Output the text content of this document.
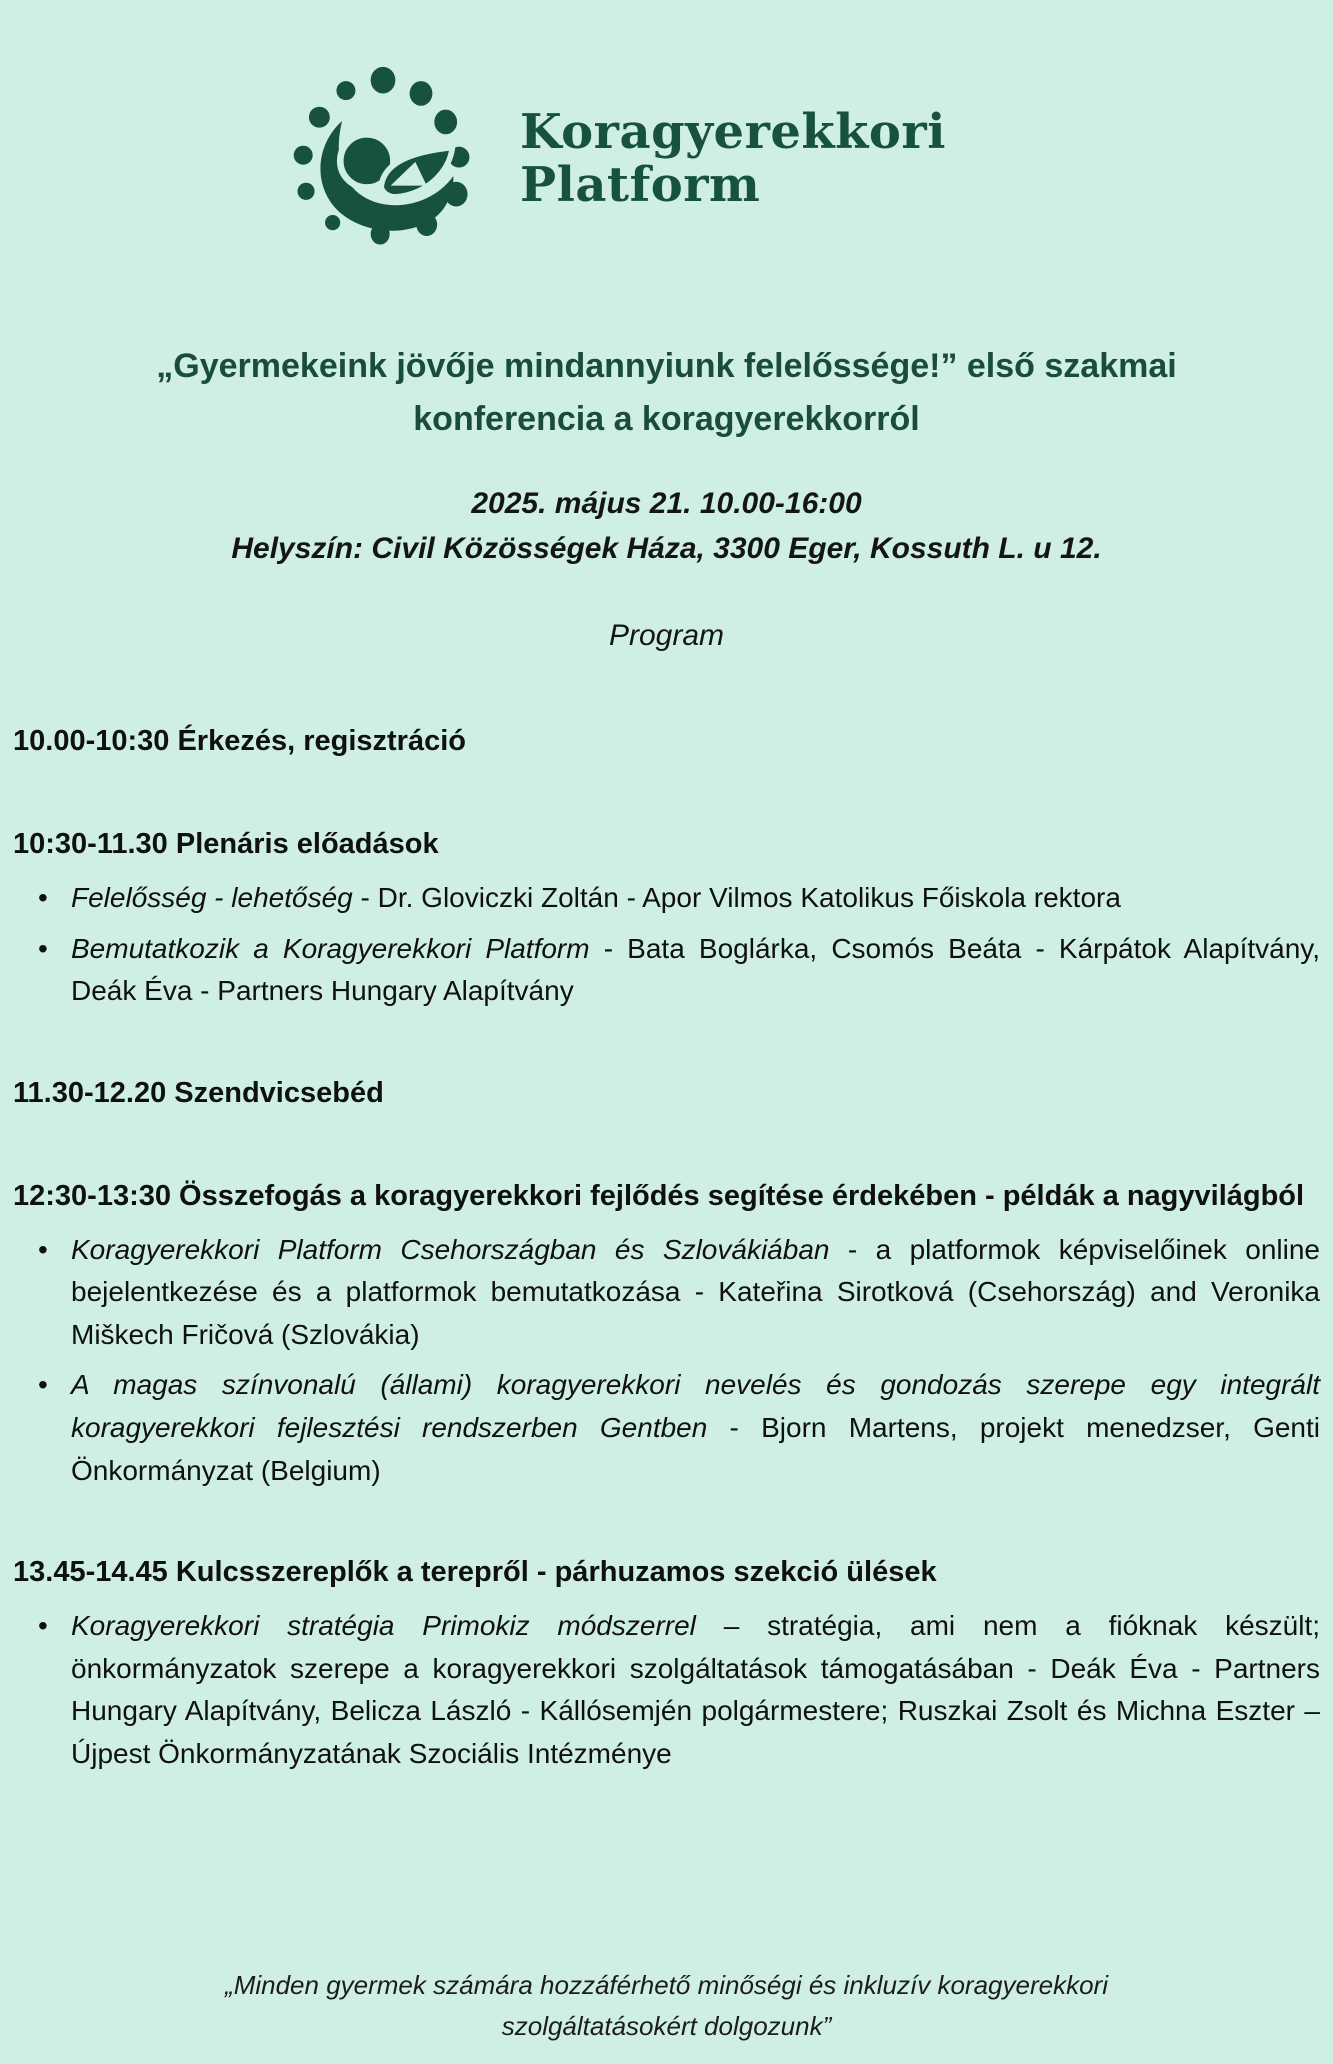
Koragyerekkori
Platform
„Gyermekeink jövője mindannyiunk felelőssége!” első szakmai
konferencia a koragyerekkorról
2025. május 21. 10.00-16:00
Helyszín: Civil Közösségek Háza, 3300 Eger, Kossuth L. u 12.
Program
10.00-10:30 Érkezés, regisztráció
10:30-11.30 Plenáris előadások
• Felelősség - lehetőség - Dr. Gloviczki Zoltán - Apor Vilmos Katolikus Főiskola rektora
• Bemutatkozik a Koragyerekkori Platform - Bata Boglárka, Csomós Beáta - Kárpátok Alapítvány, Deák Éva - Partners Hungary Alapítvány
11.30-12.20 Szendvicsebéd
12:30-13:30 Összefogás a koragyerekkori fejlődés segítése érdekében - példák a nagyvilágból
• Koragyerekkori Platform Csehországban és Szlovákiában - a platformok képviselőinek online bejelentkezése és a platformok bemutatkozása - Kateřina Sirotková (Csehország) and Veronika Miškech Fričová (Szlovákia)
• A magas színvonalú (állami) koragyerekkori nevelés és gondozás szerepe egy integrált koragyerekkori fejlesztési rendszerben Gentben - Bjorn Martens, projekt menedzser, Genti Önkormányzat (Belgium)
13.45-14.45 Kulcsszereplők a terepről - párhuzamos szekció ülések
• Koragyerekkori stratégia Primokiz módszerrel – stratégia, ami nem a fióknak készült; önkormányzatok szerepe a koragyerekkori szolgáltatások támogatásában - Deák Éva - Partners Hungary Alapítvány, Belicza László - Kállósemjén polgármestere; Ruszkai Zsolt és Michna Eszter – Újpest Önkormányzatának Szociális Intézménye
„Minden gyermek számára hozzáférhető minőségi és inkluzív koragyerekkori szolgáltatásokért dolgozunk”
